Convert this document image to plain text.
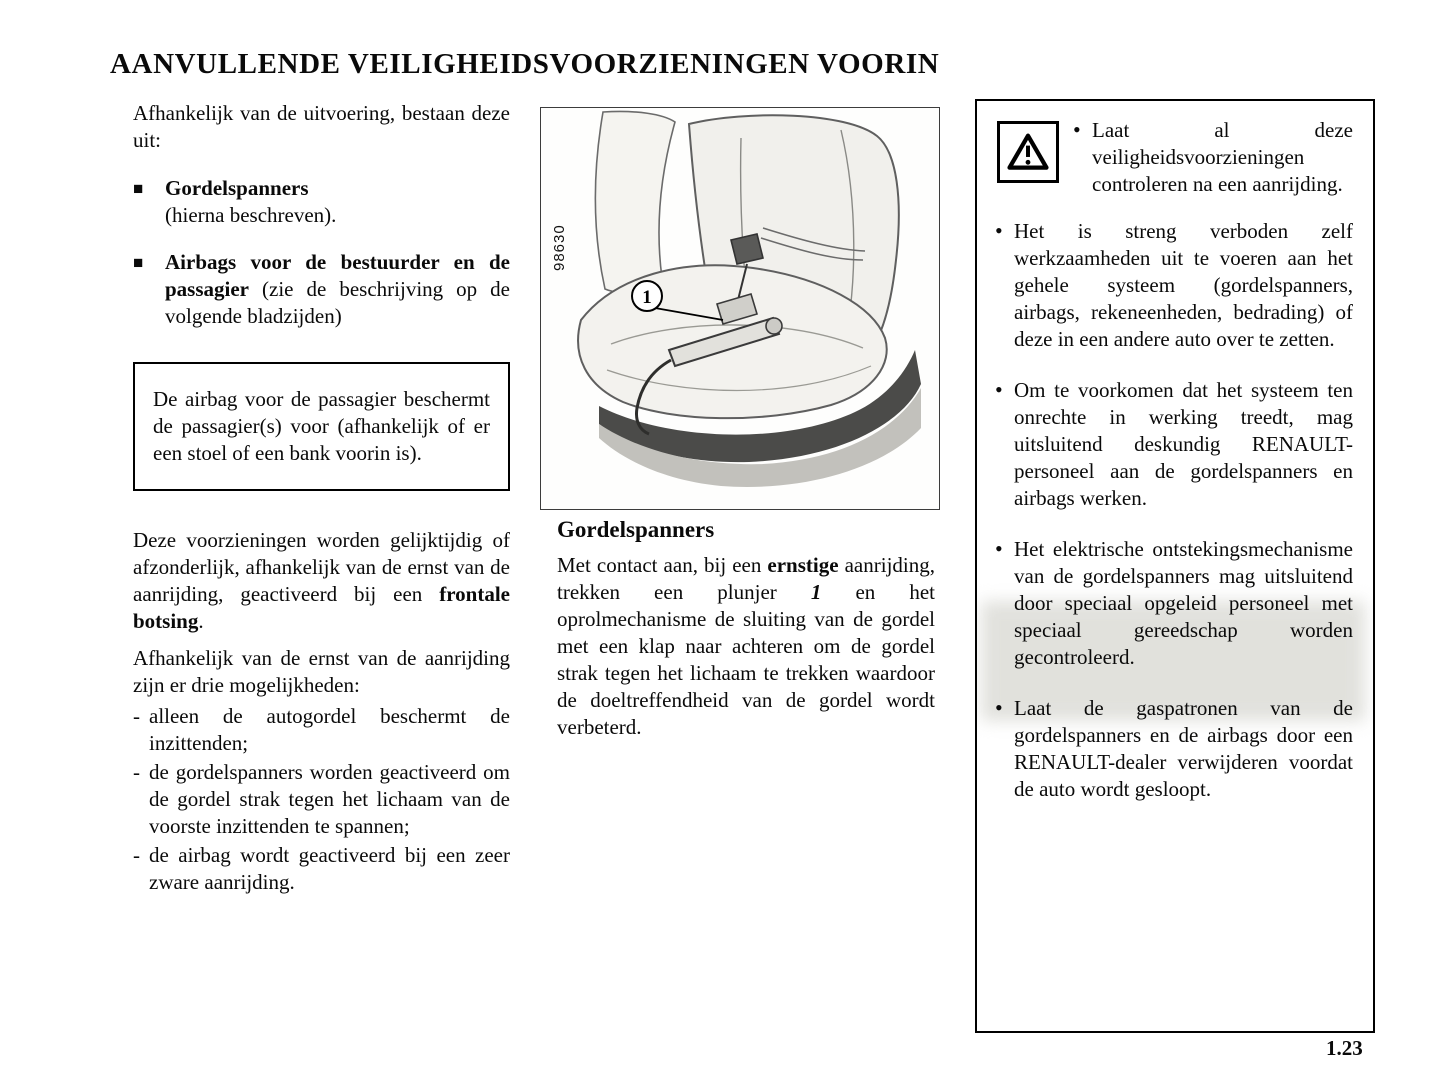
AANVULLENDE VEILIGHEIDSVOORZIENINGEN VOORIN
Afhankelijk van de uitvoering, bestaan deze uit:
■ Gordelspanners
(hierna beschreven).
■ Airbags voor de bestuurder en de passagier (zie de beschrijving op de volgende bladzijden)
De airbag voor de passagier beschermt de passagier(s) voor (afhankelijk of er een stoel of een bank voorin is).
Deze voorzieningen worden gelijktijdig of afzonderlijk, afhankelijk van de ernst van de aanrijding, geactiveerd bij een frontale botsing.
Afhankelijk van de ernst van de aanrijding zijn er drie mogelijkheden:
- alleen de autogordel beschermt de inzittenden;
- de gordelspanners worden geactiveerd om de gordel strak tegen het lichaam van de voorste inzittenden te spannen;
- de airbag wordt geactiveerd bij een zeer zware aanrijding.
98630
1
Gordelspanners
Met contact aan, bij een ernstige aanrijding, trekken een plunjer 1 en het oprolmechanisme de sluiting van de gordel met een klap naar achteren om de gordel strak tegen het lichaam te trekken waardoor de doeltreffendheid van de gordel wordt verbeterd.
• Laat al deze veiligheidsvoorzieningen controleren na een aanrijding.
• Het is streng verboden zelf werkzaamheden uit te voeren aan het gehele systeem (gordelspanners, airbags, rekeneenheden, bedrading) of deze in een andere auto over te zetten.
• Om te voorkomen dat het systeem ten onrechte in werking treedt, mag uitsluitend deskundig RENAULT-personeel aan de gordelspanners en airbags werken.
• Het elektrische ontstekingsmechanisme van de gordelspanners mag uitsluitend door speciaal opgeleid personeel met speciaal gereedschap worden gecontroleerd.
• Laat de gaspatronen van de gordelspanners en de airbags door een RENAULT-dealer verwijderen voordat de auto wordt gesloopt.
1.23
